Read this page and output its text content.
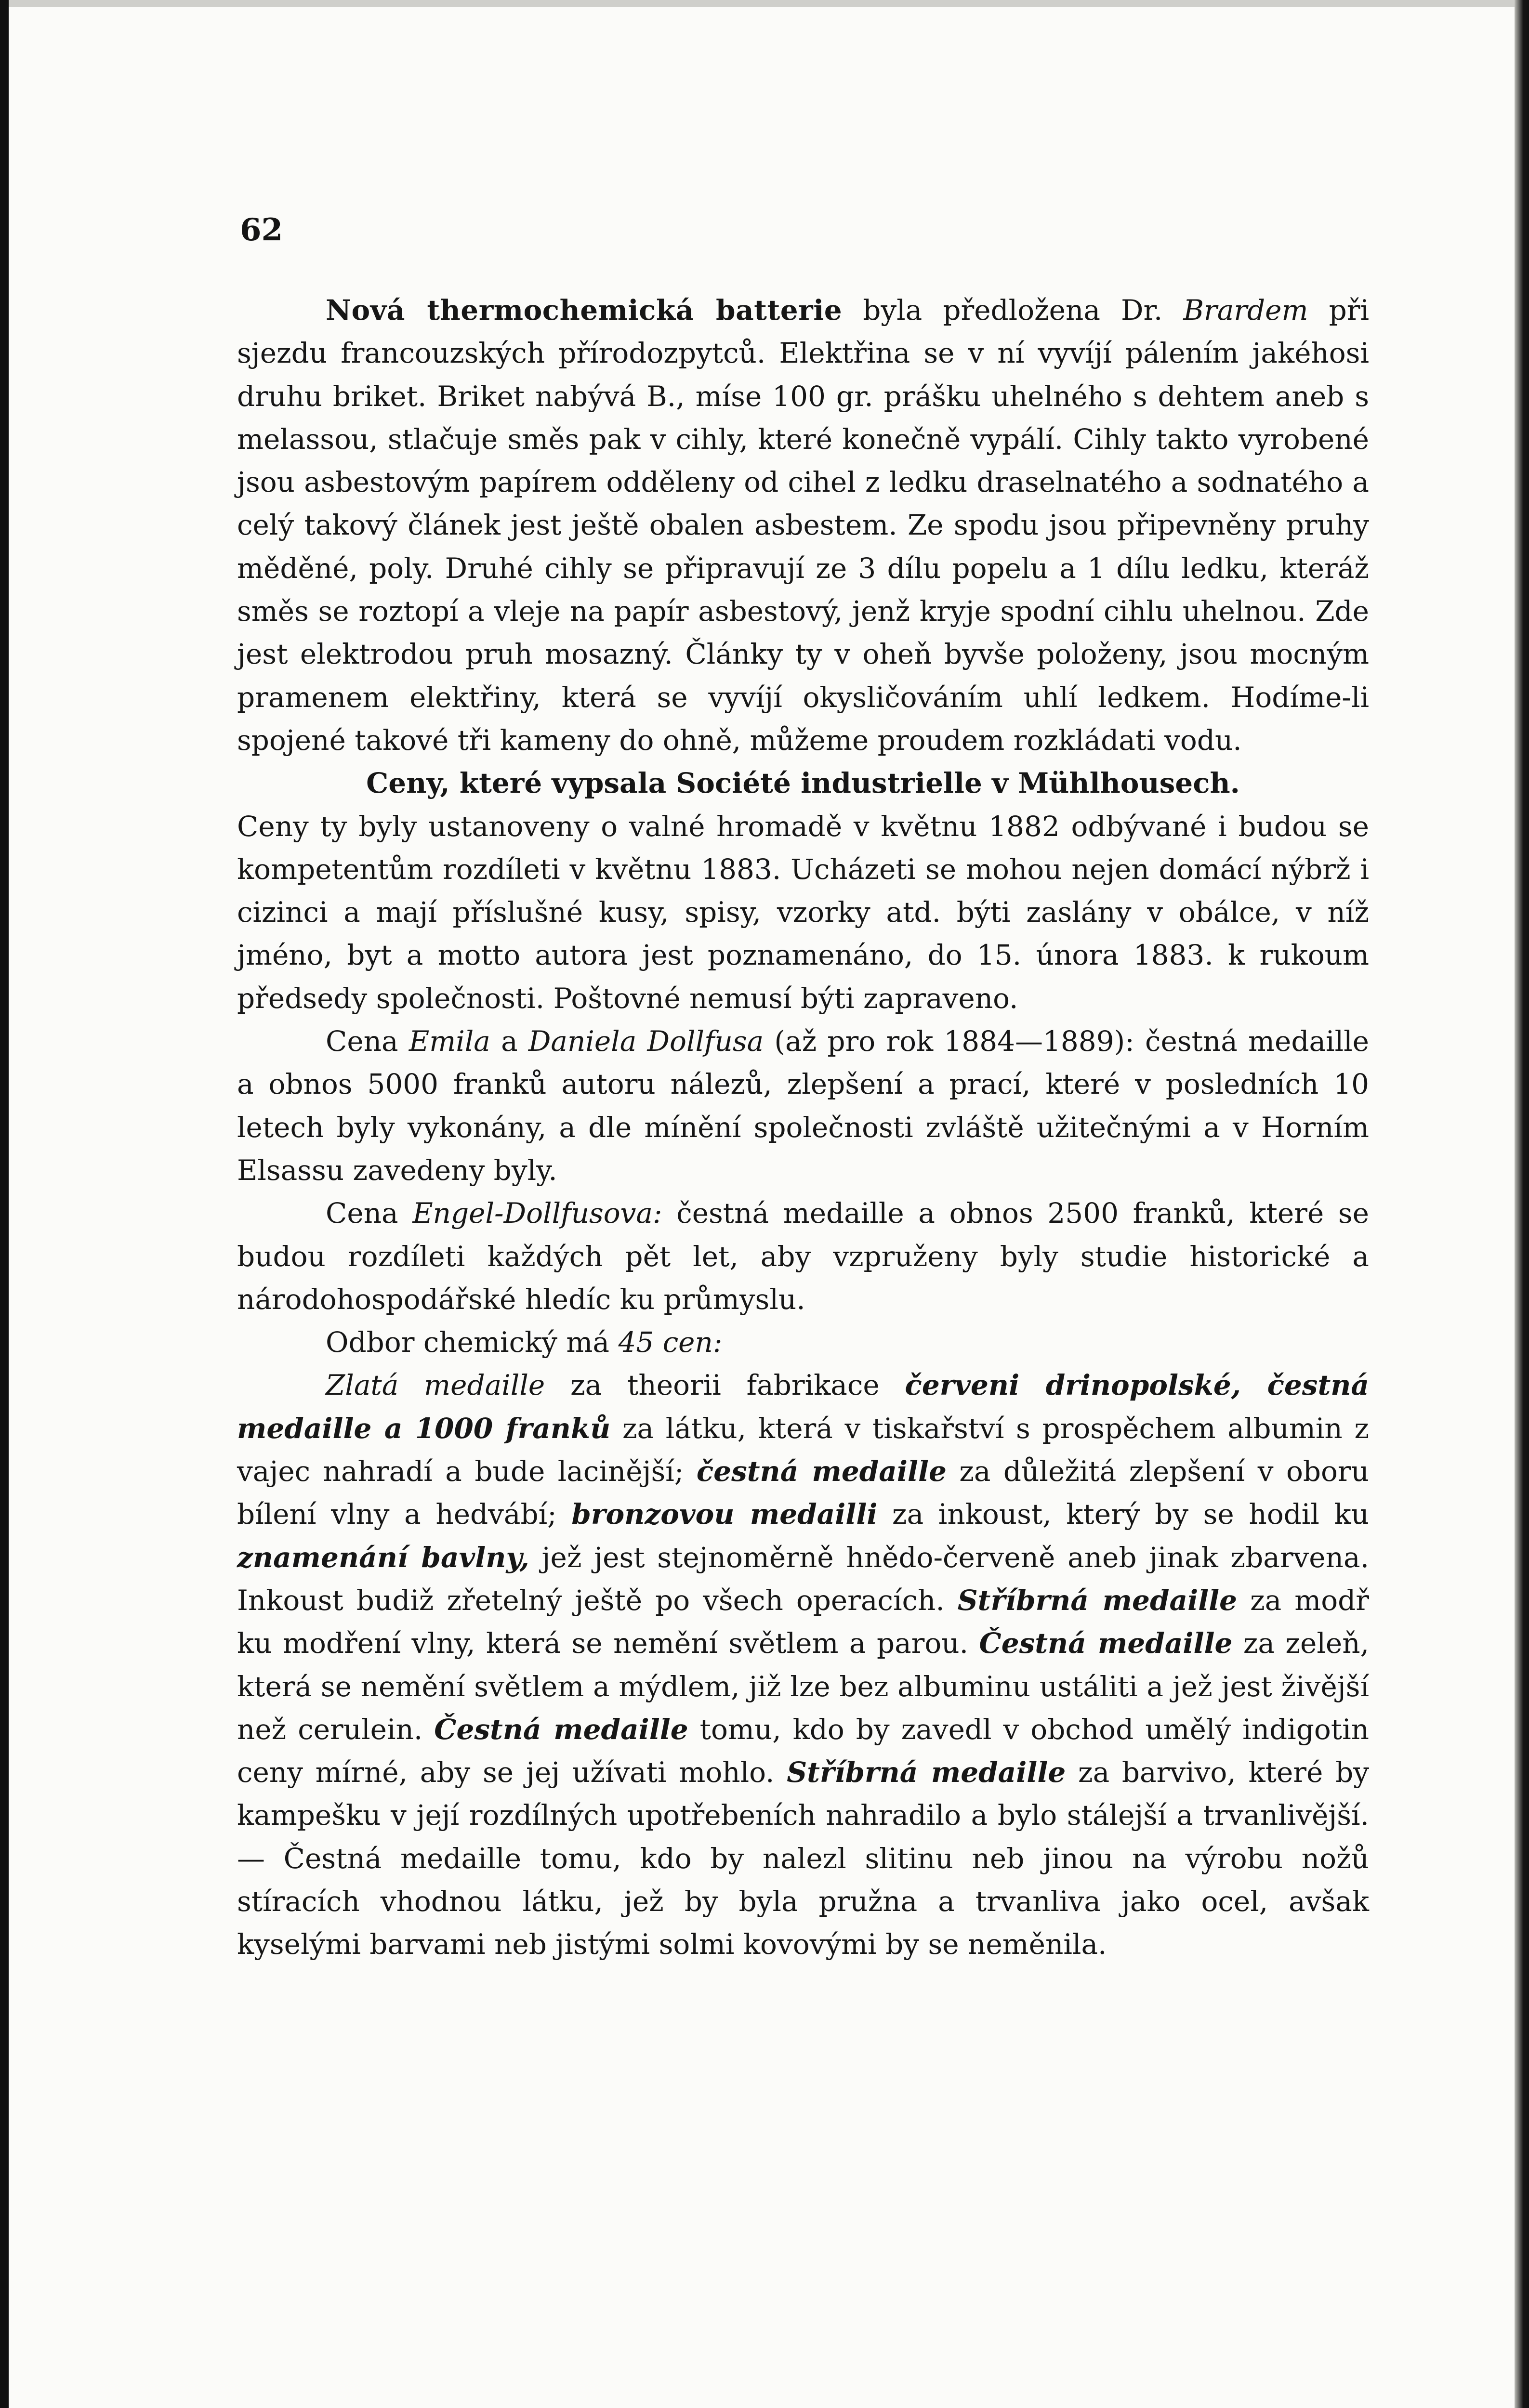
62

Nová thermochemická batterie byla předložena Dr. Brardem při sjezdu francouzských přírodozpytců. Elektřina se v ní vyvíjí pálením jakéhosi druhu briket. Briket nabývá B., míse 100 gr. prášku uhelného s dehtem aneb s melassou, stlačuje směs pak v cihly, které konečně vypálí. Cihly takto vyrobené jsou asbestovým papírem odděleny od cihel z ledku draselnatého a sodnatého a celý takový článek jest ještě obalen asbestem. Ze spodu jsou připevněny pruhy měděné, poly. Druhé cihly se připravují ze 3 dílu popelu a 1 dílu ledku, kteráž směs se roztopí a vleje na papír asbestový, jenž kryje spodní cihlu uhelnou. Zde jest elektrodou pruh mosazný. Články ty v oheň byvše položeny, jsou mocným pramenem elektřiny, která se vyvíjí okysličováním uhlí ledkem. Hodíme-li spojené takové tři kameny do ohně, můžeme proudem rozkládati vodu.

Ceny, které vypsala Société industrielle v Mühlhousech.

Ceny ty byly ustanoveny o valné hromadě v květnu 1882 odbývané i budou se kompetentům rozdíleti v květnu 1883. Ucházeti se mohou nejen domácí nýbrž i cizinci a mají příslušné kusy, spisy, vzorky atd. býti zaslány v obálce, v níž jméno, byt a motto autora jest poznamenáno, do 15. února 1883. k rukoum předsedy společnosti. Poštovné nemusí býti zapraveno.

Cena Emila a Daniela Dollfusa (až pro rok 1884—1889): čestná medaille a obnos 5000 franků autoru nálezů, zlepšení a prací, které v posledních 10 letech byly vykonány, a dle mínění společnosti zvláště užitečnými a v Horním Elsassu zavedeny byly.

Cena Engel-Dollfusova: čestná medaille a obnos 2500 franků, které se budou rozdíleti každých pět let, aby vzpruženy byly studie historické a národohospodářské hledíc ku průmyslu.

Odbor chemický má 45 cen:

Zlatá medaille za theorii fabrikace červeni drinopolské, čestná medaille a 1000 franků za látku, která v tiskařství s prospěchem albumin z vajec nahradí a bude lacinější; čestná medaille za důležitá zlepšení v oboru bílení vlny a hedvábí; bronzovou medailli za inkoust, který by se hodil ku znamenání bavlny, jež jest stejnoměrně hnědo-červeně aneb jinak zbarvena. Inkoust budiž zřetelný ještě po všech operacích. Stříbrná medaille za modř ku modření vlny, která se nemění světlem a parou. Čestná medaille za zeleň, která se nemění světlem a mýdlem, již lze bez albuminu ustáliti a jež jest živější než cerulein. Čestná medaille tomu, kdo by zavedl v obchod umělý indigotin ceny mírné, aby se jej užívati mohlo. Stříbrná medaille za barvivo, které by kampešku v její rozdílných upotřebeních nahradilo a bylo stálejší a trvanlivější. — Čestná medaille tomu, kdo by nalezl slitinu neb jinou na výrobu nožů stíracích vhodnou látku, jež by byla pružna a trvanliva jako ocel, avšak kyselými barvami neb jistými solmi kovovými by se neměnila.
